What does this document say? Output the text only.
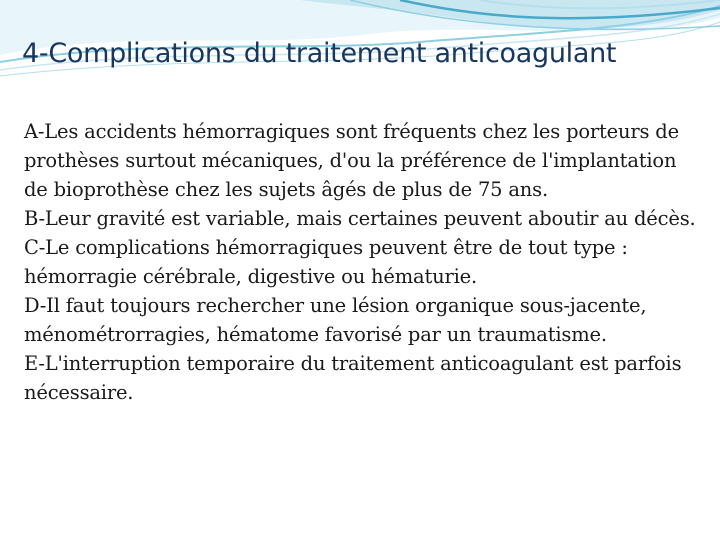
4-Complications du traitement anticoagulant

A-Les accidents hémorragiques sont fréquents chez les porteurs de prothèses surtout mécaniques, d'ou la préférence de l'implantation de bioprothèse chez les sujets âgés de plus de 75 ans.

B-Leur gravité est variable, mais certaines peuvent aboutir au décès.

C-Le complications hémorragiques peuvent être de tout type : hémorragie cérébrale, digestive ou hématurie.

D-Il faut toujours rechercher une lésion organique sous-jacente, ménométrorragies, hématome favorisé par un traumatisme.

E-L'interruption temporaire du traitement anticoagulant est parfois nécessaire.
